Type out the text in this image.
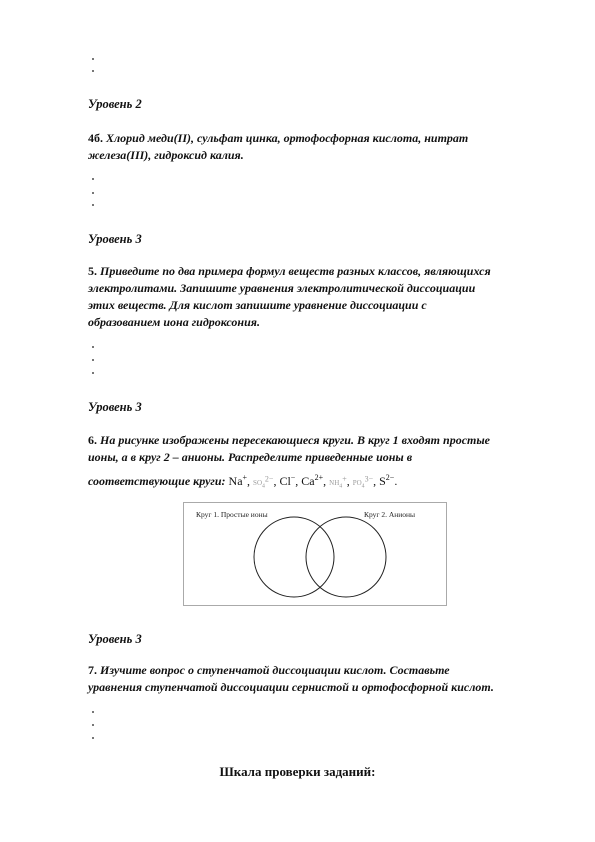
Уровень 2
4б. Хлорид меди(II), сульфат цинка, ортофосфорная кислота, нитрат
железа(III), гидроксид калия.
Уровень 3
5. Приведите по два примера формул веществ разных классов, являющихся
электролитами. Запишите уравнения электролитической диссоциации
этих веществ. Для кислот запишите уравнение диссоциации с
образованием иона гидроксония.
Уровень 3
6. На рисунке изображены пересекающиеся круги. В круг 1 входят простые
ионы, а в круг 2 – анионы. Распределите приведенные ионы в
соответствующие круги: Na+, $SO_4^{2-}$, Cl−, $Ca^{2+}$, $NH_4^+$, $PO_4^{3-}$, $S^{2-}$.
Круг 1. Простые ионы	Круг 2. Анионы
Уровень 3
7. Изучите вопрос о ступенчатой диссоциации кислот. Составьте
уравнения ступенчатой диссоциации сернистой и ортофосфорной кислот.
Шкала проверки заданий:
